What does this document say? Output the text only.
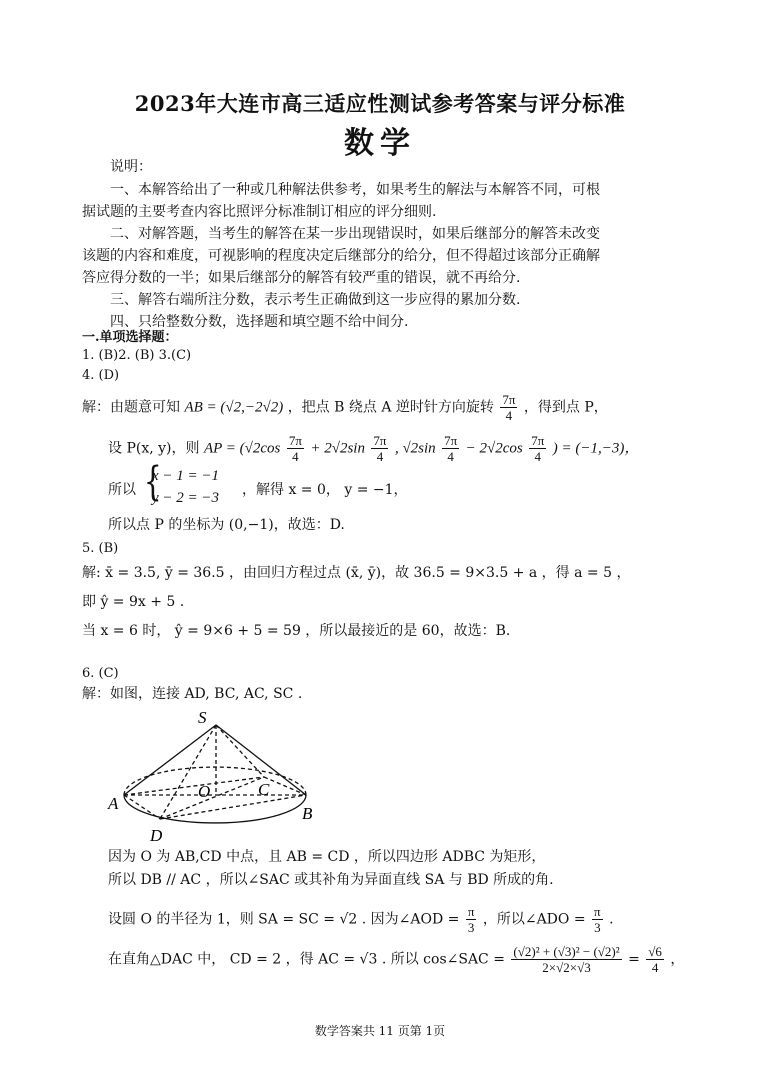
2023年大连市高三适应性测试参考答案与评分标准
数学
说明：
一、本解答给出了一种或几种解法供参考，如果考生的解法与本解答不同，可根
据试题的主要考查内容比照评分标准制订相应的评分细则.
二、对解答题，当考生的解答在某一步出现错误时，如果后继部分的解答未改变
该题的内容和难度，可视影响的程度决定后继部分的给分，但不得超过该部分正确解
答应得分数的一半；如果后继部分的解答有较严重的错误，就不再给分.
三、解答右端所注分数，表示考生正确做到这一步应得的累加分数.
四、只给整数分数，选择题和填空题不给中间分.
一.单项选择题：
1. (B)2. (B) 3.(C)
4. (D)
解：由题意可知 AB = (√2,−2√2) ，把点 B 绕点 A 逆时针方向旋转 $\frac{7\pi}{4}$ ，得到点 P，
设 P(x, y)，则 AP = ($√2\cos \frac{7\pi}{4} + 2√2\sin \frac{7\pi}{4}$ , $√2\sin \frac{7\pi}{4} - 2√2\cos \frac{7\pi}{4}$ ) = (−1,−3)，
所以 {
x − 1 = −1
y − 2 = −3 ，解得 x = 0， y = −1，
所以点 P 的坐标为 (0,−1)，故选：D.
5. (B)
解: x̄ = 3.5, ȳ = 36.5 ，由回归方程过点 (x̄, ȳ)，故 36.5 = 9×3.5 + a ，得 a = 5 ，
即 ŷ = 9x + 5 .
当 x = 6 时， ŷ = 9×6 + 5 = 59 ，所以最接近的是 60，故选：B.
6. (C)
解：如图，连接 AD, BC, AC, SC .
S
O	C
A
B
D
因为 O 为 AB,CD 中点，且 AB = CD ，所以四边形 ADBC 为矩形，
所以 DB // AC ，所以∠SAC 或其补角为异面直线 SA 与 BD 所成的角.
设圆 O 的半径为 1，则 SA = SC = √2 . 因为∠AOD = $\frac{\pi}{3}$ ，所以∠ADO = $\frac{\pi}{3}$ .
在直角△DAC 中， CD = 2 ，得 AC = √3 . 所以 cos∠SAC = $\frac{\text{(√2)² + (√3)² − (√2)²}}{2\times√2\times√3} = \frac{√6}{4}$ ，
数学答案共 11 页第 1页
